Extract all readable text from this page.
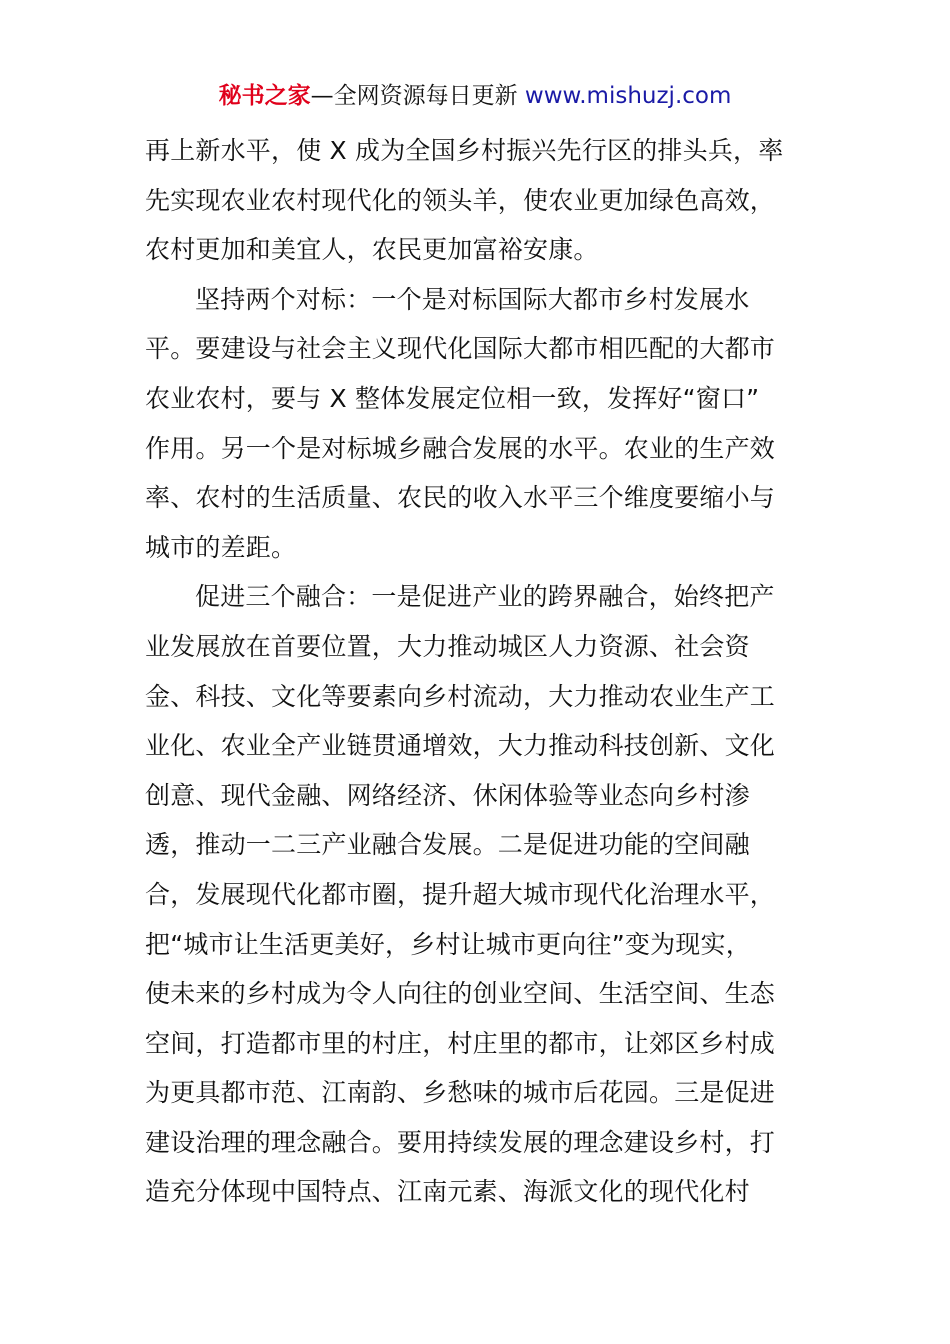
秘书之家—全网资源每日更新 www.mishuzj.com
再上新水平，使 X 成为全国乡村振兴先行区的排头兵，率
先实现农业农村现代化的领头羊，使农业更加绿色高效，
农村更加和美宜人，农民更加富裕安康。
坚持两个对标：一个是对标国际大都市乡村发展水
平。要建设与社会主义现代化国际大都市相匹配的大都市
农业农村，要与 X 整体发展定位相一致，发挥好“窗口”
作用。另一个是对标城乡融合发展的水平。农业的生产效
率、农村的生活质量、农民的收入水平三个维度要缩小与
城市的差距。
促进三个融合：一是促进产业的跨界融合，始终把产
业发展放在首要位置，大力推动城区人力资源、社会资
金、科技、文化等要素向乡村流动，大力推动农业生产工
业化、农业全产业链贯通增效，大力推动科技创新、文化
创意、现代金融、网络经济、休闲体验等业态向乡村渗
透，推动一二三产业融合发展。二是促进功能的空间融
合，发展现代化都市圈，提升超大城市现代化治理水平，
把“城市让生活更美好，乡村让城市更向往”变为现实，
使未来的乡村成为令人向往的创业空间、生活空间、生态
空间，打造都市里的村庄，村庄里的都市，让郊区乡村成
为更具都市范、江南韵、乡愁味的城市后花园。三是促进
建设治理的理念融合。要用持续发展的理念建设乡村，打
造充分体现中国特点、江南元素、海派文化的现代化村
